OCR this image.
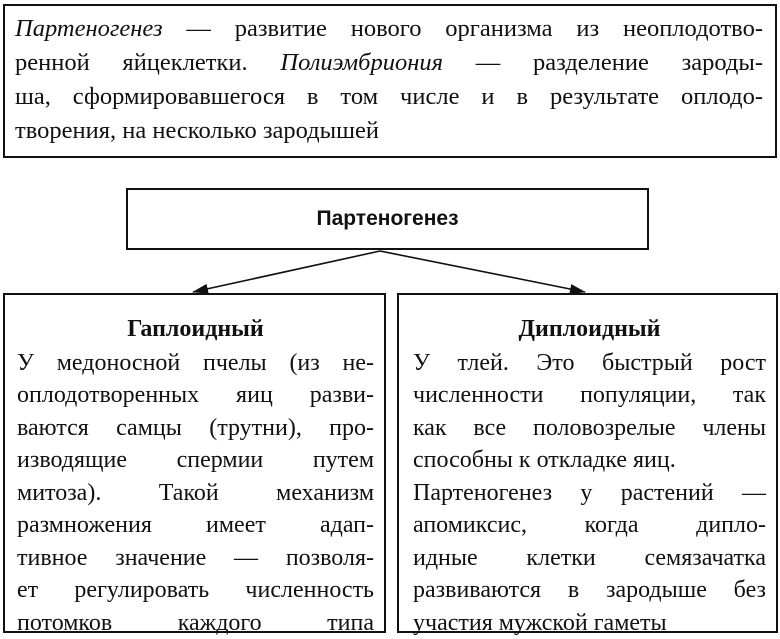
Партеногенез — развитие нового организма из неоплодотво-
ренной яйцеклетки. Полиэмбриония — разделение зароды-
ша, сформировавшегося в том числе и в результате оплодо-
творения, на несколько зародышей
Партеногенез
Гаплоидный
У медоносной пчелы (из не-
оплодотворенных яиц разви-
ваются самцы (трутни), про-
изводящие спермии путем
митоза). Такой механизм
размножения имеет адап-
тивное значение — позволя-
ет регулировать численность
потомков каждого типа
Диплоидный
У тлей. Это быстрый рост
численности популяции, так
как все половозрелые члены
способны к откладке яиц.
Партеногенез у растений —
апомиксис, когда дипло-
идные клетки семязачатка
развиваются в зародыше без
участия мужской гаметы
